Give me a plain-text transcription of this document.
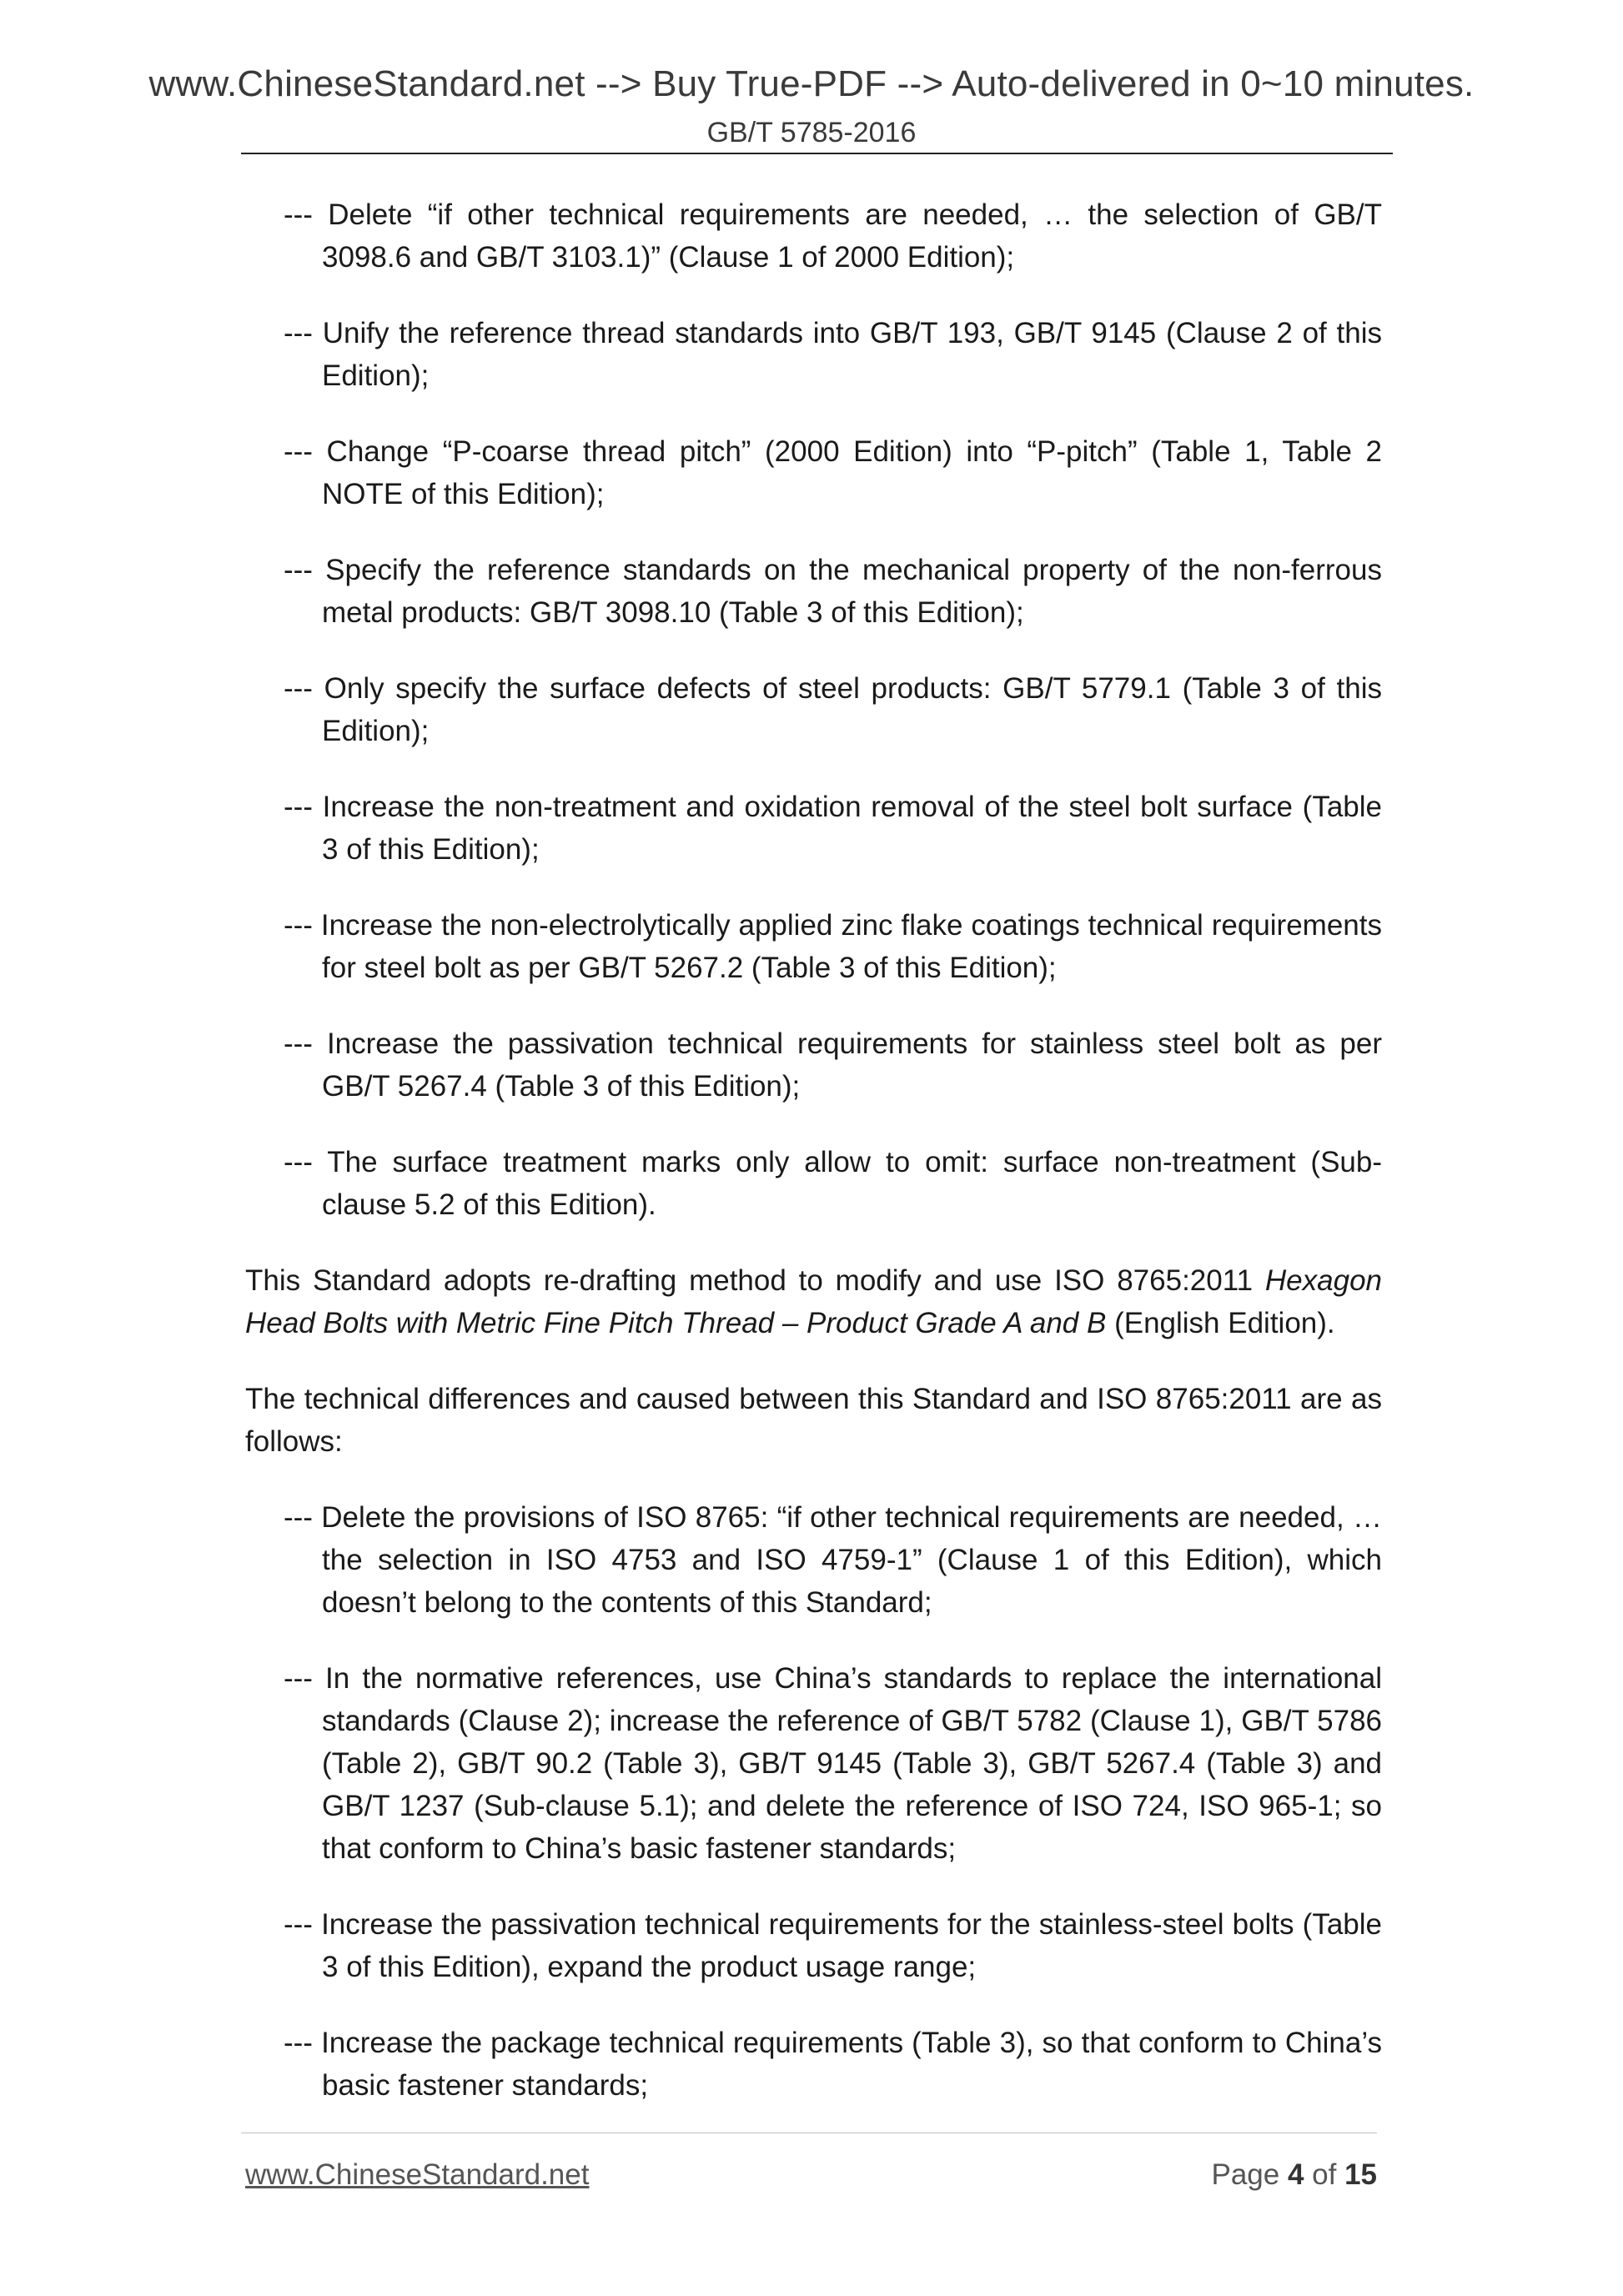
www.ChineseStandard.net --> Buy True-PDF --> Auto-delivered in 0~10 minutes.
GB/T 5785-2016
--- Delete “if other technical requirements are needed, … the selection of GB/T 3098.6 and GB/T 3103.1)” (Clause 1 of 2000 Edition);
--- Unify the reference thread standards into GB/T 193, GB/T 9145 (Clause 2 of this Edition);
--- Change “P-coarse thread pitch” (2000 Edition) into “P-pitch” (Table 1, Table 2 NOTE of this Edition);
--- Specify the reference standards on the mechanical property of the non-ferrous metal products: GB/T 3098.10 (Table 3 of this Edition);
--- Only specify the surface defects of steel products: GB/T 5779.1 (Table 3 of this Edition);
--- Increase the non-treatment and oxidation removal of the steel bolt surface (Table 3 of this Edition);
--- Increase the non-electrolytically applied zinc flake coatings technical requirements for steel bolt as per GB/T 5267.2 (Table 3 of this Edition);
--- Increase the passivation technical requirements for stainless steel bolt as per GB/T 5267.4 (Table 3 of this Edition);
--- The surface treatment marks only allow to omit: surface non-treatment (Sub-clause 5.2 of this Edition).

This Standard adopts re-drafting method to modify and use ISO 8765:2011 Hexagon Head Bolts with Metric Fine Pitch Thread – Product Grade A and B (English Edition).

The technical differences and caused between this Standard and ISO 8765:2011 are as follows:

--- Delete the provisions of ISO 8765: “if other technical requirements are needed, …the selection in ISO 4753 and ISO 4759-1” (Clause 1 of this Edition), which doesn’t belong to the contents of this Standard;
--- In the normative references, use China’s standards to replace the international standards (Clause 2); increase the reference of GB/T 5782 (Clause 1), GB/T 5786 (Table 2), GB/T 90.2 (Table 3), GB/T 9145 (Table 3), GB/T 5267.4 (Table 3) and GB/T 1237 (Sub-clause 5.1); and delete the reference of ISO 724, ISO 965-1; so that conform to China’s basic fastener standards;
--- Increase the passivation technical requirements for the stainless-steel bolts (Table 3 of this Edition), expand the product usage range;
--- Increase the package technical requirements (Table 3), so that conform to China’s basic fastener standards;
www.ChineseStandard.net	Page 4 of 15
